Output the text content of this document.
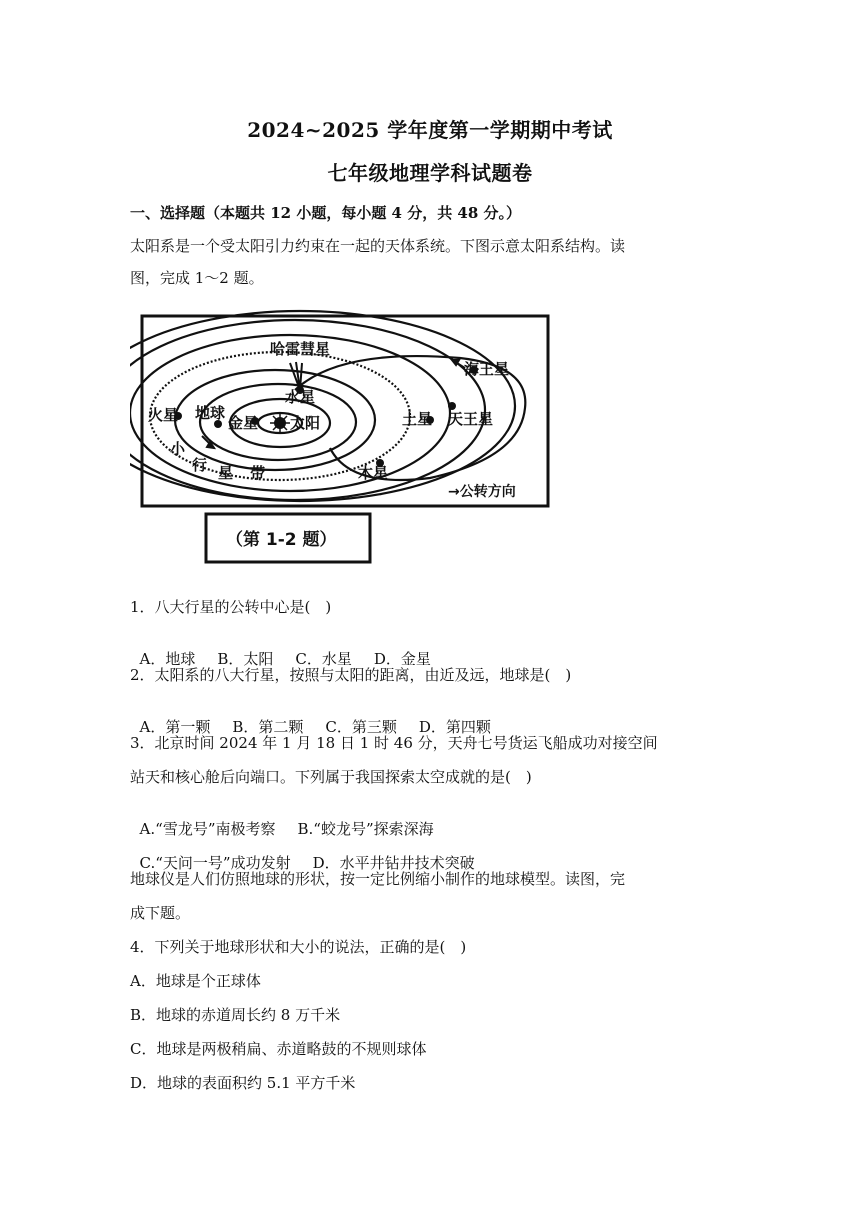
2024~2025 学年度第一学期期中考试
七年级地理学科试题卷
一、选择题（本题共 12 小题，每小题 4 分，共 48 分。）
太阳系是一个受太阳引力约束在一起的天体系统。下图示意太阳系结构。读
图，完成 1～2 题。
哈雷彗星
海王星
水星
火星 地球
金星 太阳	土星 天王星
小
行 星 带	木星
→公转方向
（第 1-2 题）
1．八大行星的公转中心是(　)

A．地球 B．太阳 C．水星 D．金星

2．太阳系的八大行星，按照与太阳的距离，由近及远，地球是(　)

A．第一颗 B．第二颗 C．第三颗 D．第四颗

3．北京时间 2024 年 1 月 18 日 1 时 46 分，天舟七号货运飞船成功对接空间
站天和核心舱后向端口。下列属于我国探索太空成就的是(　)

A.“雪龙号”南极考察 B.“蛟龙号”探索深海

C.“天问一号”成功发射 D．水平井钻井技术突破

地球仪是人们仿照地球的形状，按一定比例缩小制作的地球模型。读图，完
成下题。
4．下列关于地球形状和大小的说法，正确的是(　)
A．地球是个正球体
B．地球的赤道周长约 8 万千米
C．地球是两极稍扁、赤道略鼓的不规则球体
D．地球的表面积约 5.1 平方千米
